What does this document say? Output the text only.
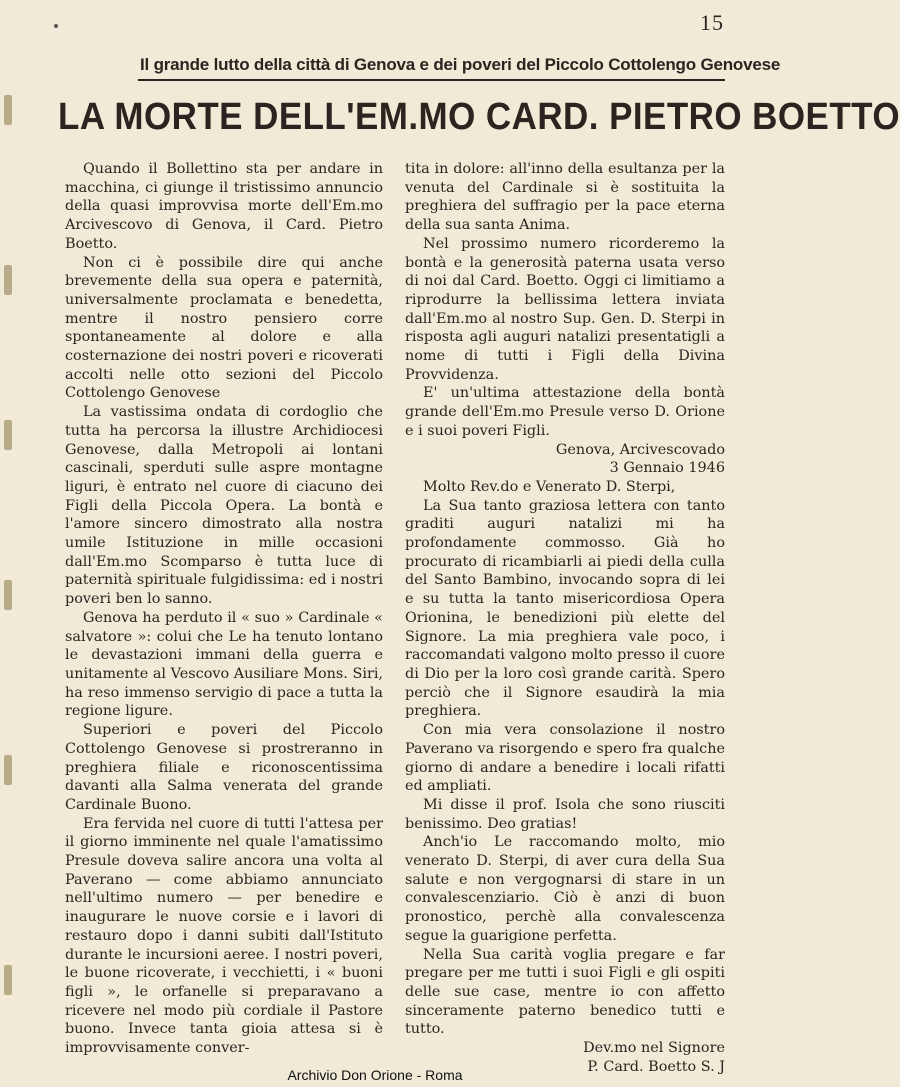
15
Il grande lutto della città di Genova e dei poveri del Piccolo Cottolengo Genovese
LA MORTE DELL'EM.MO CARD. PIETRO BOETTO

Quando il Bollettino sta per andare in macchina, ci giunge il tristissimo annuncio della quasi improvvisa morte dell'Em.mo Arcivescovo di Genova, il Card. Pietro Boetto.

Non ci è possibile dire qui anche brevemente della sua opera e paternità, universalmente proclamata e benedetta, mentre il nostro pensiero corre spontaneamente al dolore e alla costernazione dei nostri poveri e ricoverati accolti nelle otto sezioni del Piccolo Cottolengo Genovese

La vastissima ondata di cordoglio che tutta ha percorsa la illustre Archidiocesi Genovese, dalla Metropoli ai lontani cascinali, sperduti sulle aspre montagne liguri, è entrato nel cuore di ciacuno dei Figli della Piccola Opera. La bontà e l'amore sincero dimostrato alla nostra umile Istituzione in mille occasioni dall'Em.mo Scomparso è tutta luce di paternità spirituale fulgidissima: ed i nostri poveri ben lo sanno.

Genova ha perduto il « suo » Cardinale « salvatore »: colui che Le ha tenuto lontano le devastazioni immani della guerra e unitamente al Vescovo Ausiliare Mons. Siri, ha reso immenso servigio di pace a tutta la regione ligure.

Superiori e poveri del Piccolo Cottolengo Genovese si prostreranno in preghiera filiale e riconoscentissima davanti alla Salma venerata del grande Cardinale Buono.

Era fervida nel cuore di tutti l'attesa per il giorno imminente nel quale l'amatissimo Presule doveva salire ancora una volta al Paverano — come abbiamo annunciato nell'ultimo numero — per benedire e inaugurare le nuove corsie e i lavori di restauro dopo i danni subiti dall'Istituto durante le incursioni aeree. I nostri poveri, le buone ricoverate, i vecchietti, i « buoni figli », le orfanelle si preparavano a ricevere nel modo più cordiale il Pastore buono. Invece tanta gioia attesa si è improvvisamente conver-

tita in dolore: all'inno della esultanza per la venuta del Cardinale si è sostituita la preghiera del suffragio per la pace eterna della sua santa Anima.

Nel prossimo numero ricorderemo la bontà e la generosità paterna usata verso di noi dal Card. Boetto. Oggi ci limitiamo a riprodurre la bellissima lettera inviata dall'Em.mo al nostro Sup. Gen. D. Sterpi in risposta agli auguri natalizi presentatigli a nome di tutti i Figli della Divina Provvidenza.

E' un'ultima attestazione della bontà grande dell'Em.mo Presule verso D. Orione e i suoi poveri Figli.

Genova, Arcivescovado

3 Gennaio 1946

Molto Rev.do e Venerato D. Sterpi,

La Sua tanto graziosa lettera con tanto graditi auguri natalizi mi ha profondamente commosso. Già ho procurato di ricambiarli ai piedi della culla del Santo Bambino, invocando sopra di lei e su tutta la tanto misericordiosa Opera Orionina, le benedizioni più elette del Signore. La mia preghiera vale poco, i raccomandati valgono molto presso il cuore di Dio per la loro così grande carità. Spero perciò che il Signore esaudirà la mia preghiera.

Con mia vera consolazione il nostro Paverano va risorgendo e spero fra qualche giorno di andare a benedire i locali rifatti ed ampliati.

Mi disse il prof. Isola che sono riusciti benissimo. Deo gratias!

Anch'io Le raccomando molto, mio venerato D. Sterpi, di aver cura della Sua salute e non vergognarsi di stare in un convalescenziario. Ciò è anzi di buon pronostico, perchè alla convalescenza segue la guarigione perfetta.

Nella Sua carità voglia pregare e far pregare per me tutti i suoi Figli e gli ospiti delle sue case, mentre io con affetto sinceramente paterno benedico tutti e tutto.

Dev.mo nel Signore

P. Card. Boetto S. J

Archivio Don Orione - Roma
